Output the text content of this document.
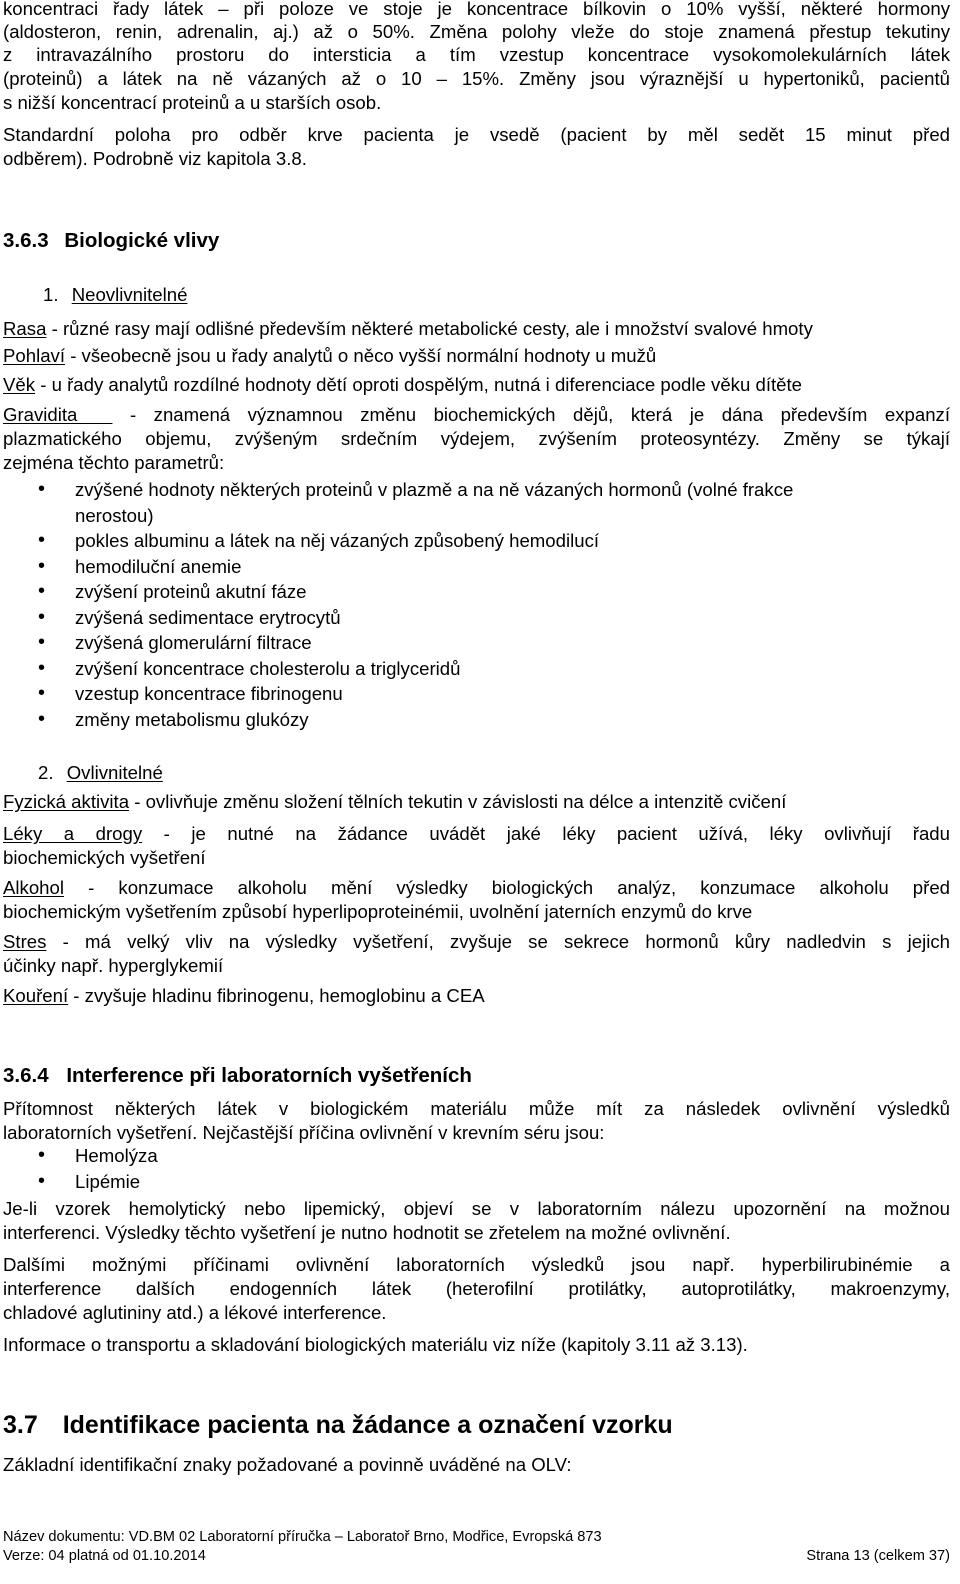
koncentraci řady látek – při poloze ve stoje je koncentrace bílkovin o 10% vyšší, některé hormony
(aldosteron, renin, adrenalin, aj.) až o 50%. Změna polohy vleže do stoje znamená přestup tekutiny
z intravazálního prostoru do intersticia a tím vzestup koncentrace vysokomolekulárních látek
(proteinů) a látek na ně vázaných až o 10 – 15%. Změny jsou výraznější u hypertoniků, pacientů
s nižší koncentrací proteinů a u starších osob.
Standardní poloha pro odběr krve pacienta je vsedě (pacient by měl sedět 15 minut před
odběrem). Podrobně viz kapitola 3.8.
3.6.3 Biologické vlivy
1. Neovlivnitelné
Rasa - různé rasy mají odlišné především některé metabolické cesty, ale i množství svalové hmoty
Pohlaví - všeobecně jsou u řady analytů o něco vyšší normální hodnoty u mužů
Věk - u řady analytů rozdílné hodnoty dětí oproti dospělým, nutná i diferenciace podle věku dítěte
Gravidita   - znamená významnou změnu biochemických dějů, která je dána především expanzí
plazmatického objemu, zvýšeným srdečním výdejem, zvýšením proteosyntézy. Změny se týkají
zejména těchto parametrů:
• zvýšené hodnoty některých proteinů v plazmě a na ně vázaných hormonů (volné frakce
nerostou)
• pokles albuminu a látek na něj vázaných způsobený hemodilucí
• hemodiluční anemie
• zvýšení proteinů akutní fáze
• zvýšená sedimentace erytrocytů
• zvýšená glomerulární filtrace
• zvýšení koncentrace cholesterolu a triglyceridů
• vzestup koncentrace fibrinogenu
• změny metabolismu glukózy
2. Ovlivnitelné
Fyzická aktivita - ovlivňuje změnu složení tělních tekutin v závislosti na délce a intenzitě cvičení
Léky a drogy - je nutné na žádance uvádět jaké léky pacient užívá, léky ovlivňují řadu
biochemických vyšetření
Alkohol - konzumace alkoholu mění výsledky biologických analýz, konzumace alkoholu před
biochemickým vyšetřením způsobí hyperlipoproteinémii, uvolnění jaterních enzymů do krve
Stres - má velký vliv na výsledky vyšetření, zvyšuje se sekrece hormonů kůry nadledvin s jejich
účinky např. hyperglykemií
Kouření - zvyšuje hladinu fibrinogenu, hemoglobinu a CEA
3.6.4 Interference při laboratorních vyšetřeních
Přítomnost některých látek v biologickém materiálu může mít za následek ovlivnění výsledků
laboratorních vyšetření. Nejčastější příčina ovlivnění v krevním séru jsou:
• Hemolýza
• Lipémie
Je-li vzorek hemolytický nebo lipemický, objeví se v laboratorním nálezu upozornění na možnou
interferenci. Výsledky těchto vyšetření je nutno hodnotit se zřetelem na možné ovlivnění.
Dalšími možnými příčinami ovlivnění laboratorních výsledků jsou např. hyperbilirubinémie a
interference dalších endogenních látek (heterofilní protilátky, autoprotilátky, makroenzymy,
chladové aglutininy atd.) a lékové interference.
Informace o transportu a skladování biologických materiálu viz níže (kapitoly 3.11 až 3.13).
3.7 Identifikace pacienta na žádance a označení vzorku
Základní identifikační znaky požadované a povinně uváděné na OLV:
Název dokumentu: VD.BM 02 Laboratorní příručka – Laboratoř Brno, Modřice, Evropská 873
Verze: 04 platná od 01.10.2014	Strana 13 (celkem 37)
